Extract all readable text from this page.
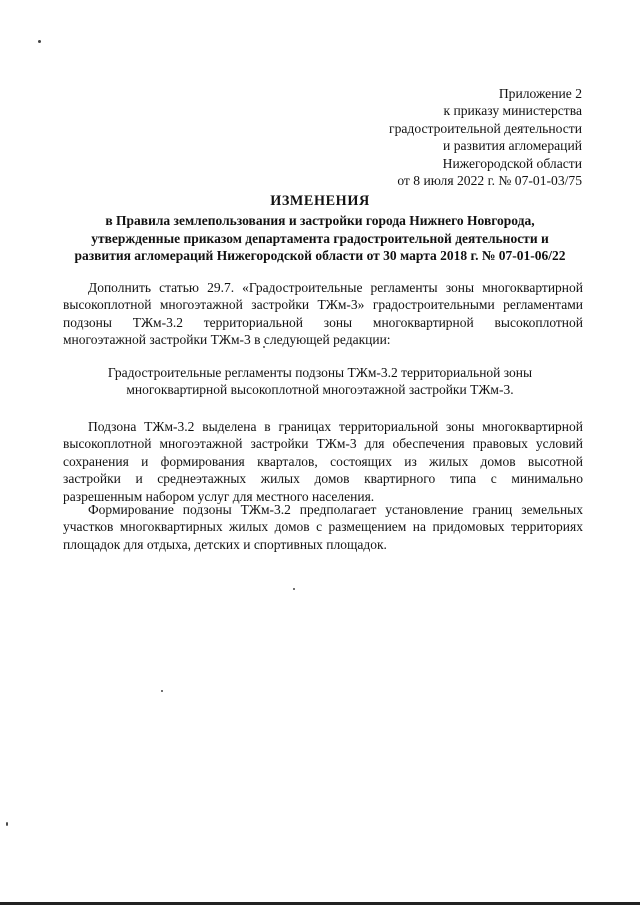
Приложение 2
к приказу министерства
градостроительной деятельности
и развития агломераций
Нижегородской области
от 8 июля 2022 г. № 07-01-03/75
ИЗМЕНЕНИЯ
в Правила землепользования и застройки города Нижнего Новгорода,
утвержденные приказом департамента градостроительной деятельности и
развития агломераций Нижегородской области от 30 марта 2018 г. № 07-01-06/22
Дополнить статью 29.7. «Градостроительные регламенты зоны многоквартирной
высокоплотной многоэтажной застройки ТЖм-3» градостроительными регламентами
подзоны ТЖм-3.2 территориальной зоны многоквартирной высокоплотной
многоэтажной застройки ТЖм-3 в следующей редакции:
Градостроительные регламенты подзоны ТЖм-3.2 территориальной зоны
многоквартирной высокоплотной многоэтажной застройки ТЖм-3.
Подзона ТЖм-3.2 выделена в границах территориальной зоны многоквартирной
высокоплотной многоэтажной застройки ТЖм-3 для обеспечения правовых условий
сохранения и формирования кварталов, состоящих из жилых домов высотной
застройки и среднеэтажных жилых домов квартирного типа с минимально
разрешенным набором услуг для местного населения.
Формирование подзоны ТЖм-3.2 предполагает установление границ земельных
участков многоквартирных жилых домов с размещением на придомовых территориях
площадок для отдыха, детских и спортивных площадок.
